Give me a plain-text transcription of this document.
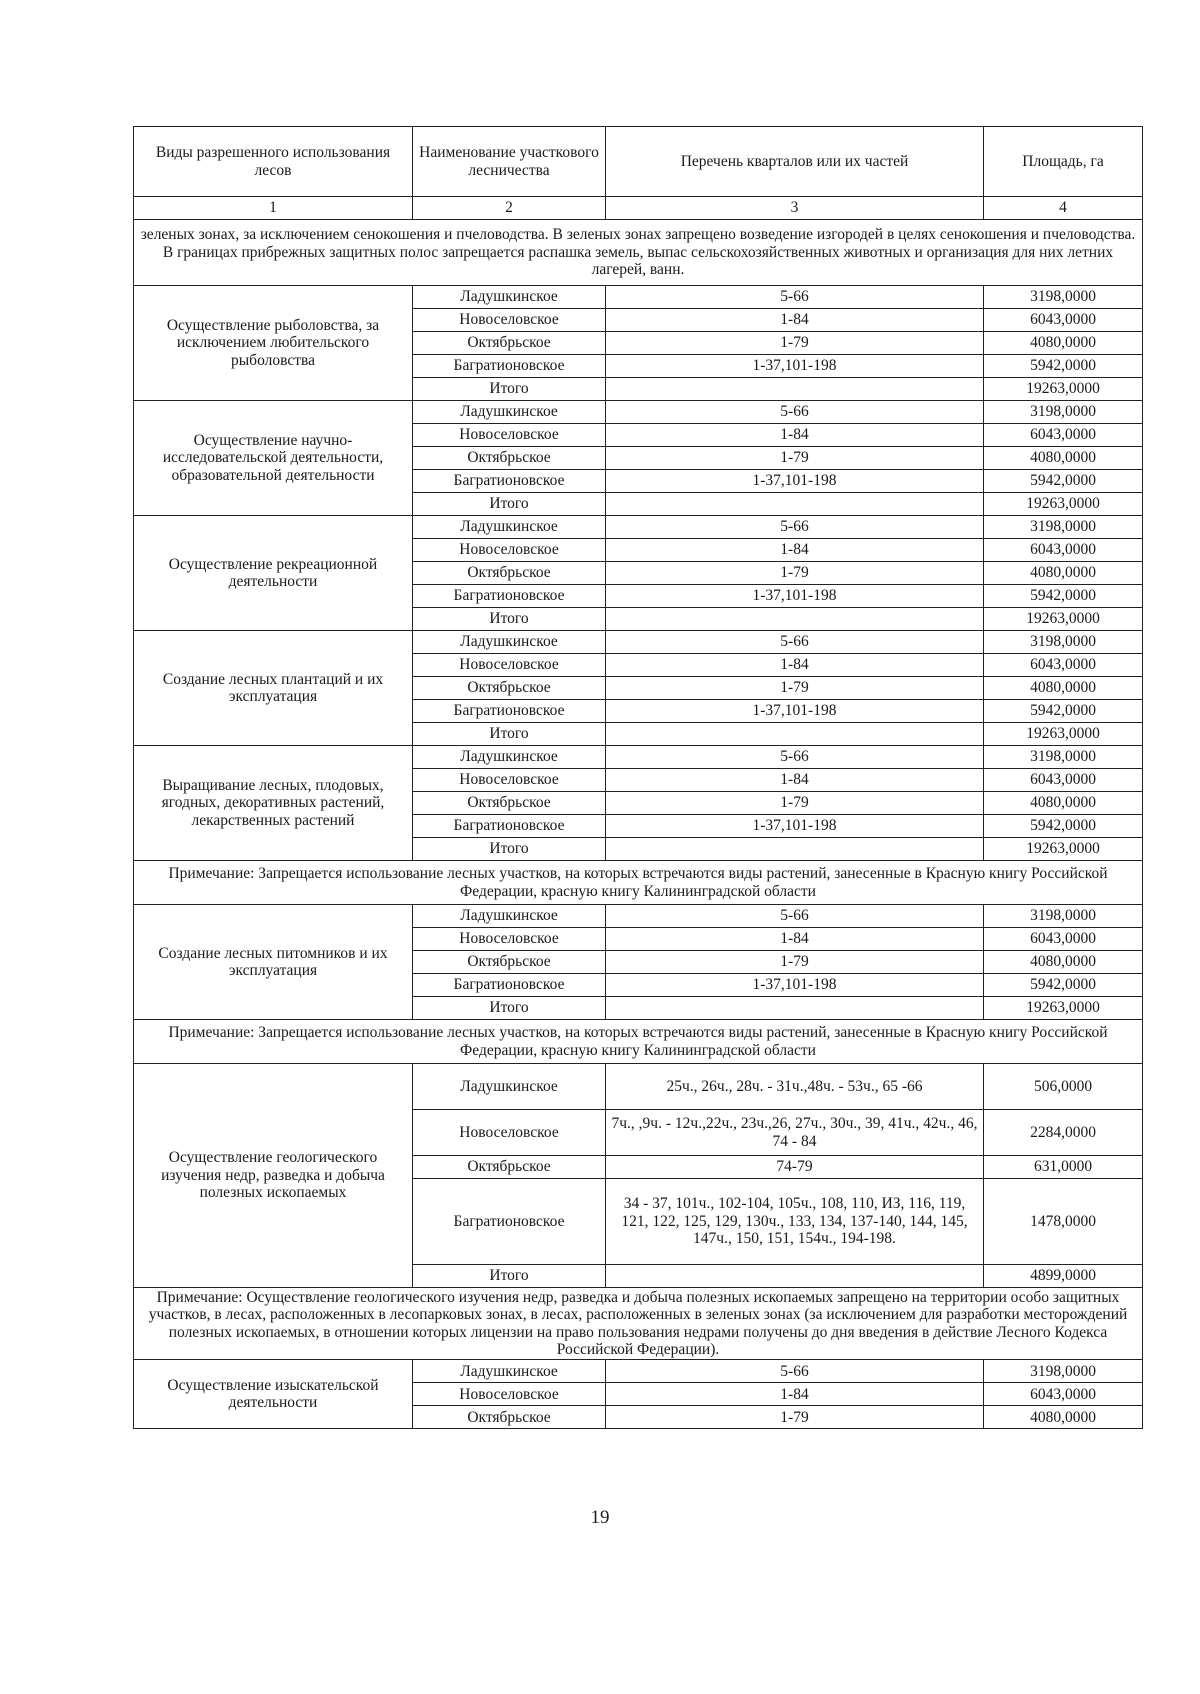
Виды разрешенного использования лесов	Наименование участкового лесничества	Перечень кварталов или их частей	Площадь, га
1	2	3	4
зеленых зонах, за исключением сенокошения и пчеловодства. В зеленых зонах запрещено возведение изгородей в целях сенокошения и пчеловодства. В границах прибрежных защитных полос запрещается распашка земель, выпас сельскохозяйственных животных и организация для них летних лагерей, ванн.			
Осуществление рыболовства, за исключением любительского рыболовства	Ладушкинское	5-66	3198,0000
	Новоселовское	1-84	6043,0000
	Октябрьское	1-79	4080,0000
	Багратионовское	1-37,101-198	5942,0000
	Итого		19263,0000
Осуществление научно-исследовательской деятельности, образовательной деятельности	Ладушкинское	5-66	3198,0000
	Новоселовское	1-84	6043,0000
	Октябрьское	1-79	4080,0000
	Багратионовское	1-37,101-198	5942,0000
	Итого		19263,0000
Осуществление рекреационной деятельности	Ладушкинское	5-66	3198,0000
	Новоселовское	1-84	6043,0000
	Октябрьское	1-79	4080,0000
	Багратионовское	1-37,101-198	5942,0000
	Итого		19263,0000
Создание лесных плантаций и их эксплуатация	Ладушкинское	5-66	3198,0000
	Новоселовское	1-84	6043,0000
	Октябрьское	1-79	4080,0000
	Багратионовское	1-37,101-198	5942,0000
	Итого		19263,0000
Выращивание лесных, плодовых, ягодных, декоративных растений, лекарственных растений	Ладушкинское	5-66	3198,0000
	Новоселовское	1-84	6043,0000
	Октябрьское	1-79	4080,0000
	Багратионовское	1-37,101-198	5942,0000
	Итого		19263,0000
Примечание: Запрещается использование лесных участков, на которых встречаются виды растений, занесенные в Красную книгу Российской Федерации, красную книгу Калининградской области			
Создание лесных питомников и их эксплуатация	Ладушкинское	5-66	3198,0000
	Новоселовское	1-84	6043,0000
	Октябрьское	1-79	4080,0000
	Багратионовское	1-37,101-198	5942,0000
	Итого		19263,0000
Примечание: Запрещается использование лесных участков, на которых встречаются виды растений, занесенные в Красную книгу Российской Федерации, красную книгу Калининградской области			
Осуществление геологического изучения недр, разведка и добыча полезных ископаемых	Ладушкинское	25ч., 26ч., 28ч. - 31ч.,48ч. - 53ч., 65 -66	506,0000
	Новоселовское	7ч., ,9ч. - 12ч.,22ч., 23ч.,26, 27ч., 30ч., 39, 41ч., 42ч., 46, 74 - 84	2284,0000
	Октябрьское	74-79	631,0000
	Багратионовское	34 - 37, 101ч., 102-104, 105ч., 108, 110, ИЗ, 116, 119, 121, 122, 125, 129, 130ч., 133, 134, 137-140, 144, 145, 147ч., 150, 151, 154ч., 194-198.	1478,0000
	Итого		4899,0000
Примечание: Осуществление геологического изучения недр, разведка и добыча полезных ископаемых запрещено на территории особо защитных участков, в лесах, расположенных в лесопарковых зонах, в лесах, расположенных в зеленых зонах (за исключением для разработки месторождений полезных ископаемых, в отношении которых лицензии на право пользования недрами получены до дня введения в действие Лесного Кодекса Российской Федерации).			
Осуществление изыскательской деятельности	Ладушкинское	5-66	3198,0000
	Новоселовское	1-84	6043,0000
	Октябрьское	1-79	4080,0000
19
